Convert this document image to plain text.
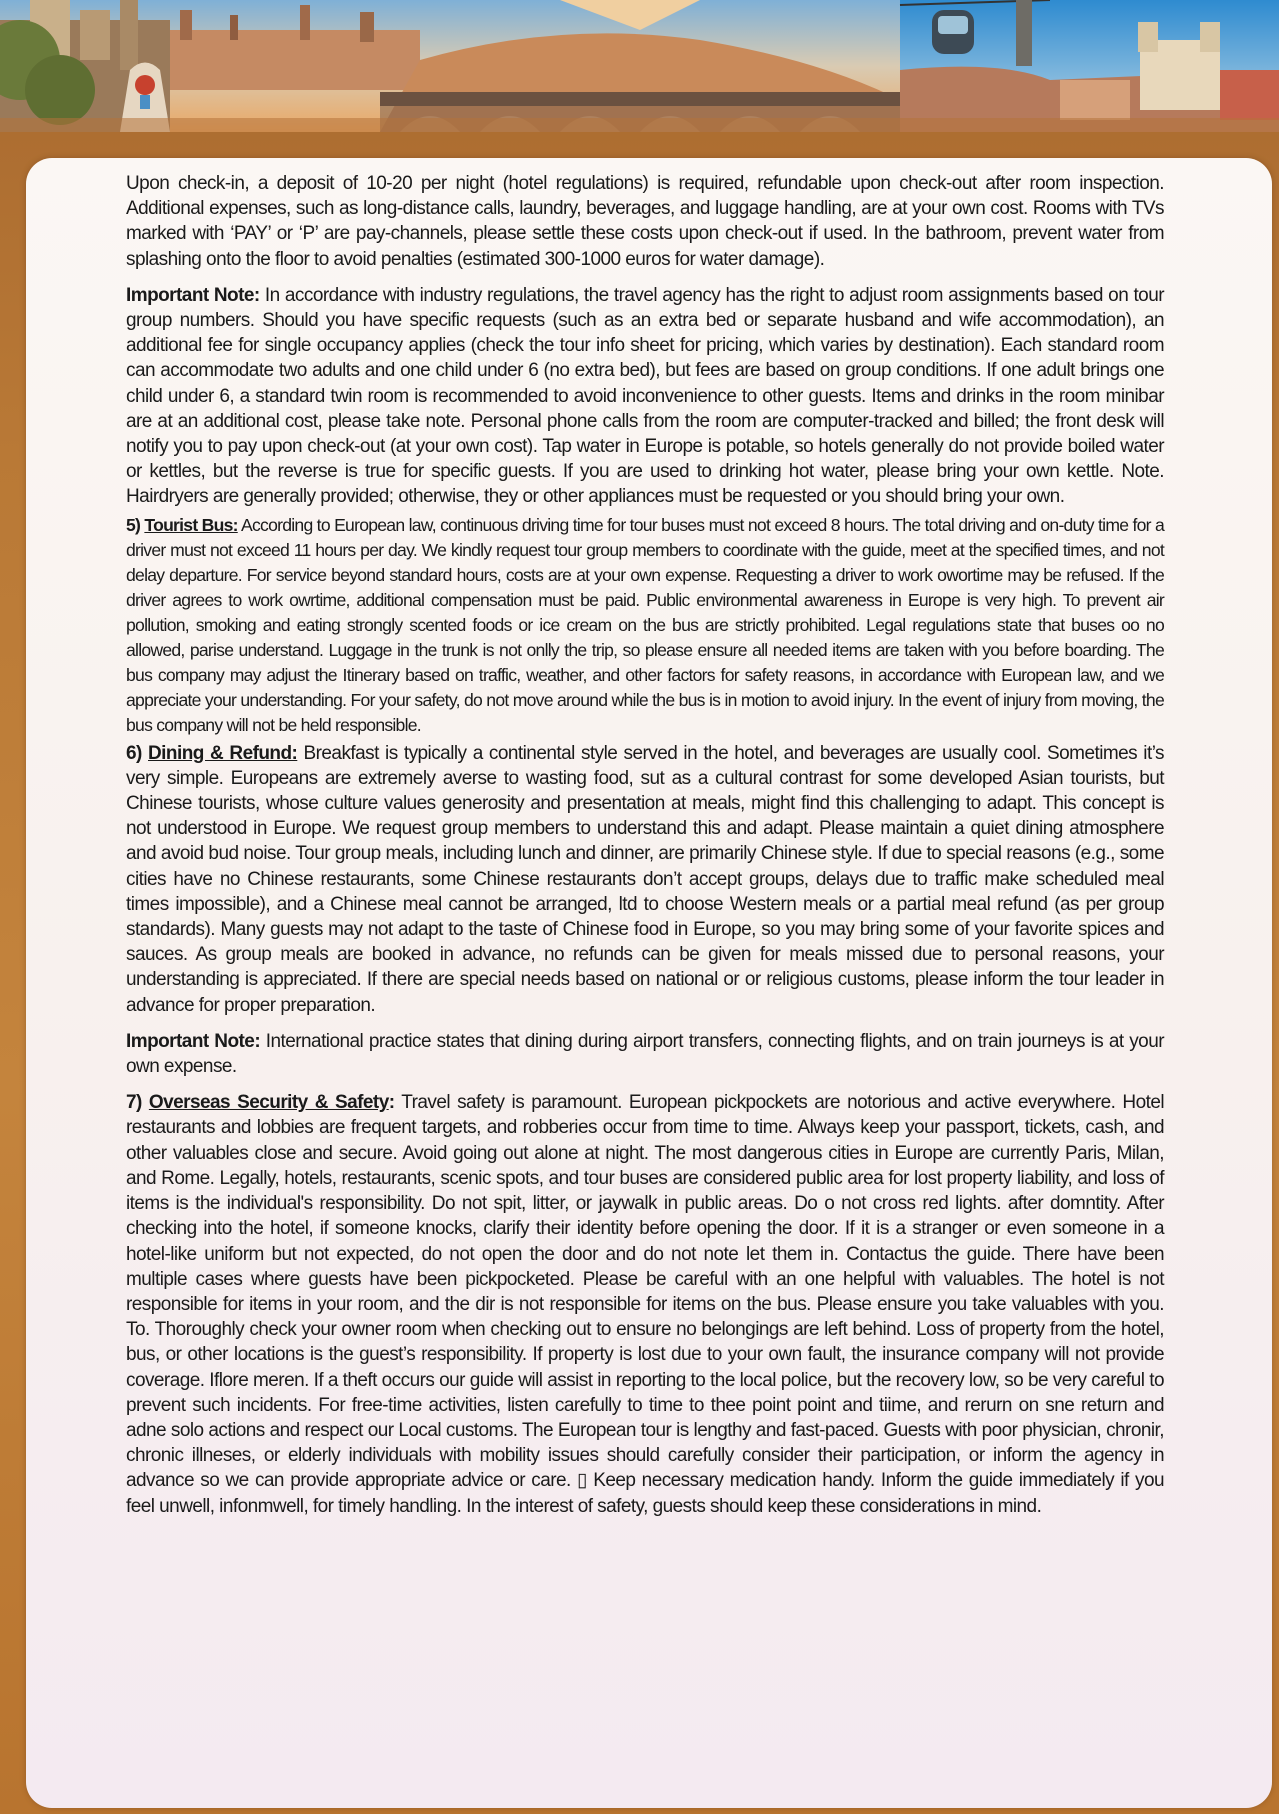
Upon check-in, a deposit of 10-20 per night (hotel regulations) is required, refundable upon check-out after room inspection. Additional expenses, such as long-distance calls, laundry, beverages, and luggage handling, are at your own cost. Rooms with TVs marked with ‘PAY’ or ‘P’ are pay-channels, please settle these costs upon check-out if used. In the bathroom, prevent water from splashing onto the floor to avoid penalties (estimated 300-1000 euros for water damage).

Important Note: In accordance with industry regulations, the travel agency has the right to adjust room assignments based on tour group numbers. Should you have specific requests (such as an extra bed or separate husband and wife accommodation), an additional fee for single occupancy applies (check the tour info sheet for pricing, which varies by destination). Each standard room can accommodate two adults and one child under 6 (no extra bed), but fees are based on group conditions. If one adult brings one child under 6, a standard twin room is recommended to avoid inconvenience to other guests. Items and drinks in the room minibar are at an additional cost, please take note. Personal phone calls from the room are computer-tracked and billed; the front desk will notify you to pay upon check-out (at your own cost). Tap water in Europe is potable, so hotels generally do not provide boiled water or kettles, but the reverse is true for specific guests. If you are used to drinking hot water, please bring your own kettle. Note. Hairdryers are generally provided; otherwise, they or other appliances must be requested or you should bring your own.

5) Tourist Bus: According to European law, continuous driving time for tour buses must not exceed 8 hours. The total driving and on-duty time for a driver must not exceed 11 hours per day. We kindly request tour group members to coordinate with the guide, meet at the specified times, and not delay departure. For service beyond standard hours, costs are at your own expense. Requesting a driver to work owortime may be refused. If the driver agrees to work owrtime, additional compensation must be paid. Public environmental awareness in Europe is very high. To prevent air pollution, smoking and eating strongly scented foods or ice cream on the bus are strictly prohibited. Legal regulations state that buses oo no allowed, parise understand. Luggage in the trunk is not onlly the trip, so please ensure all needed items are taken with you before boarding. The bus company may adjust the Itinerary based on traffic, weather, and other factors for safety reasons, in accordance with European law, and we appreciate your understanding. For your safety, do not move around while the bus is in motion to avoid injury. In the event of injury from moving, the bus company will not be held responsible.

6) Dining & Refund: Breakfast is typically a continental style served in the hotel, and beverages are usually cool. Sometimes it’s very simple. Europeans are extremely averse to wasting food, sut as a cultural contrast for some developed Asian tourists, but Chinese tourists, whose culture values generosity and presentation at meals, might find this challenging to adapt. This concept is not understood in Europe. We request group members to understand this and adapt. Please maintain a quiet dining atmosphere and avoid bud noise. Tour group meals, including lunch and dinner, are primarily Chinese style. If due to special reasons (e.g., some cities have no Chinese restaurants, some Chinese restaurants don’t accept groups, delays due to traffic make scheduled meal times impossible), and a Chinese meal cannot be arranged, ltd to choose Western meals or a partial meal refund (as per group standards). Many guests may not adapt to the taste of Chinese food in Europe, so you may bring some of your favorite spices and sauces. As group meals are booked in advance, no refunds can be given for meals missed due to personal reasons, your understanding is appreciated. If there are special needs based on national or or religious customs, please inform the tour leader in advance for proper preparation.

Important Note: International practice states that dining during airport transfers, connecting flights, and on train journeys is at your own expense.

7) Overseas Security & Safety: Travel safety is paramount. European pickpockets are notorious and active everywhere. Hotel restaurants and lobbies are frequent targets, and robberies occur from time to time. Always keep your passport, tickets, cash, and other valuables close and secure. Avoid going out alone at night. The most dangerous cities in Europe are currently Paris, Milan, and Rome. Legally, hotels, restaurants, scenic spots, and tour buses are considered public area for lost property liability, and loss of items is the individual's responsibility. Do not spit, litter, or jaywalk in public areas. Do o not cross red lights. after domntity. After checking into the hotel, if someone knocks, clarify their identity before opening the door. If it is a stranger or even someone in a hotel-like uniform but not expected, do not open the door and do not note let them in. Contactus the guide. There have been multiple cases where guests have been pickpocketed. Please be careful with an one helpful with valuables. The hotel is not responsible for items in your room, and the dir is not responsible for items on the bus. Please ensure you take valuables with you. To. Thoroughly check your owner room when checking out to ensure no belongings are left behind. Loss of property from the hotel, bus, or other locations is the guest’s responsibility. If property is lost due to your own fault, the insurance company will not provide coverage. Iflore meren. If a theft occurs our guide will assist in reporting to the local police, but the recovery low, so be very careful to prevent such incidents. For free-time activities, listen carefully to time to thee point point and tiime, and rerurn on sne return and adne solo actions and respect our Local customs. The European tour is lengthy and fast-paced. Guests with poor physician, chronir, chronic illneses, or elderly individuals with mobility issues should carefully consider their participation, or inform the agency in advance so we can provide appropriate advice or care. ▯ Keep necessary medication handy. Inform the guide immediately if you feel unwell, infonmwell, for timely handling. In the interest of safety, guests should keep these considerations in mind.
